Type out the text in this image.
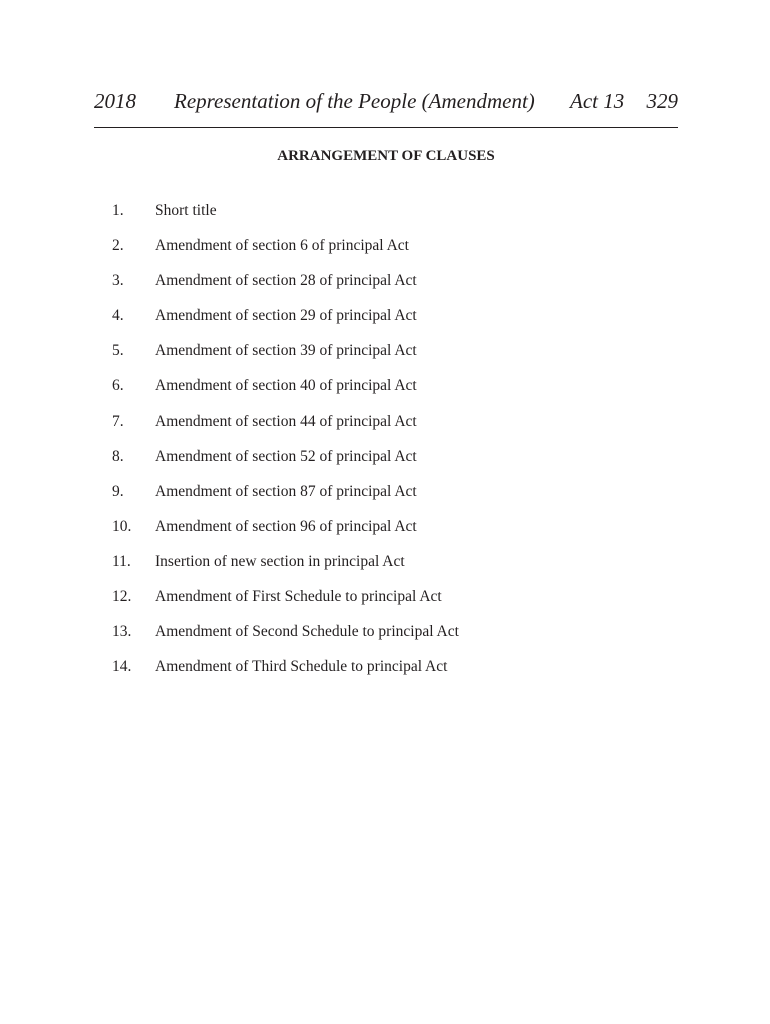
2018 Representation of the People (Amendment) Act 13 329
ARRANGEMENT OF CLAUSES
1. Short title
2. Amendment of section 6 of principal Act
3. Amendment of section 28 of principal Act
4. Amendment of section 29 of principal Act
5. Amendment of section 39 of principal Act
6. Amendment of section 40 of principal Act
7. Amendment of section 44 of principal Act
8. Amendment of section 52 of principal Act
9. Amendment of section 87 of principal Act
10. Amendment of section 96 of principal Act
11. Insertion of new section in principal Act
12. Amendment of First Schedule to principal Act
13. Amendment of Second Schedule to principal Act
14. Amendment of Third Schedule to principal Act
